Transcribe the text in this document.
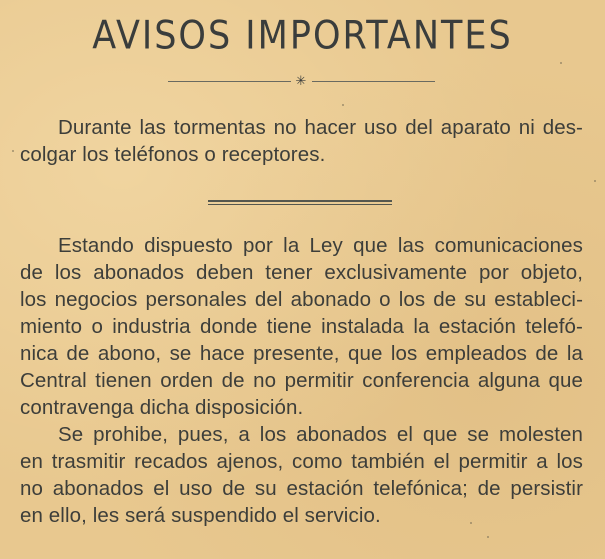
AVISOS IMPORTANTES
✳
Durante las tormentas no hacer uso del aparato ni des-
colgar los teléfonos o receptores.
Estando dispuesto por la Ley que las comunicaciones
de los abonados deben tener exclusivamente por objeto,
los negocios personales del abonado o los de su estableci-
miento o industria donde tiene instalada la estación telefó-
nica de abono, se hace presente, que los empleados de la
Central tienen orden de no permitir conferencia alguna que
contravenga dicha disposición.
Se prohibe, pues, a los abonados el que se molesten
en trasmitir recados ajenos, como también el permitir a los
no abonados el uso de su estación telefónica; de persistir
en ello, les será suspendido el servicio.
